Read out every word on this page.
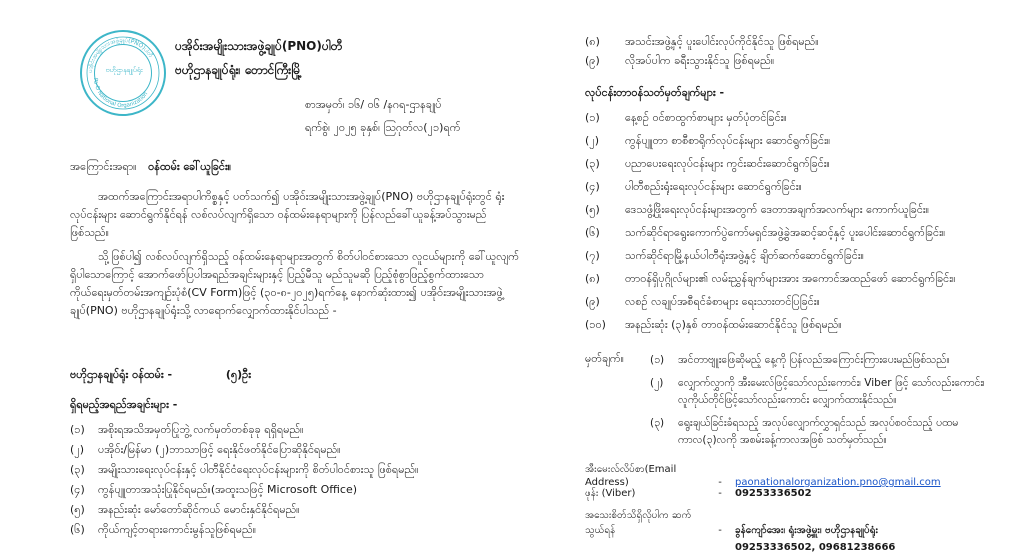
ပအိုဝ်းအမျိုးသားအဖွဲ့ချုပ်(PNO)ပါတီ
Pa-O National Organization
ဗဟိုဌာနချုပ်ရုံး
ပအိုဝ်းအမျိုးသားအဖွဲ့ချုပ်(PNO)ပါတီ
ဗဟိုဌာနချုပ်ရုံး၊ တောင်ကြီးမြို့
စာအမှတ်၊ ၁၆/ ၀၆ /နဂရ-ဌာနချုပ်
ရက်စွဲ၊ ၂၀၂၅ ခုနှစ်၊ ဩဂုတ်လ(၂၁)ရက်
အကြောင်းအရာ။ ဝန်ထမ်း ခေါ်ယူခြင်း။
အထက်အကြောင်းအရာပါကိစ္စနှင့် ပတ်သက်၍ ပအိုဝ်းအမျိုးသားအဖွဲ့ချုပ်(PNO) ဗဟိုဌာနချုပ်ရုံးတွင် ရုံးလုပ်ငန်းများ ဆောင်ရွက်နိုင်ရန် လစ်လပ်လျက်ရှိသော ဝန်ထမ်းနေရာများကို ပြန်လည်ခေါ်ယူခန့်အပ်သွားမည် ဖြစ်သည်။
သို့ဖြစ်ပါ၍ လစ်လပ်လျက်ရှိသည့် ဝန်ထမ်းနေရာများအတွက် စိတ်ပါဝင်စားသော လူငယ်များကို ခေါ်ယူလျက်ရှိပါသောကြောင့် အောက်ဖော်ပြပါအရည်အချင်းများနှင့် ပြည့်မီသူ မည်သူမဆို ပြည့်စုံစွာဖြည့်စွက်ထားသော ကိုယ်ရေးမှတ်တမ်းအကျဉ်းပုံစံ(CV Form)ဖြင့် (၃၀-၈-၂၀၂၅)ရက်နေ့ နောက်ဆုံးထား၍ ပအိုဝ်းအမျိုးသားအဖွဲ့ချုပ်(PNO) ဗဟိုဌာနချုပ်ရုံးသို့ လာရောက်လျှောက်ထားနိုင်ပါသည် -
ဗဟိုဌာနချုပ်ရုံး ဝန်ထမ်း -	(၅)ဦး
ရှိရမည့်အရည်အချင်းများ -
(၁) အစိုးရအသိအမှတ်ပြုဘွဲ့ လက်မှတ်တစ်ခုခု ရရှိရမည်။
(၂) ပအိုဝ်း/မြန်မာ (၂)ဘာသာဖြင့် ရေးနိုင်ဖတ်နိုင်ပြောဆိုနိုင်ရမည်။
(၃) အမျိုးသားရေးလုပ်ငန်းနှင့် ပါတီနိုင်ငံရေးလုပ်ငန်းများကို စိတ်ပါဝင်စားသူ ဖြစ်ရမည်။
(၄) ကွန်ပျူတာအသုံးပြုနိုင်ရမည်။(အထူးသဖြင့် Microsoft Office)
(၅) အနည်းဆုံး မော်တော်ဆိုင်ကယ် မောင်းနှင်နိုင်ရမည်။
(၆) ကိုယ်ကျင့်တရားကောင်းမွန်သူဖြစ်ရမည်။
(၈) အသင်းအဖွဲ့နှင့် ပူးပေါင်းလုပ်ကိုင်နိုင်သူ ဖြစ်ရမည်။
(၉) လိုအပ်ပါက ခရီးသွားနိုင်သူ ဖြစ်ရမည်။
လုပ်ငန်းတာဝန်သတ်မှတ်ချက်များ -
(၁) နေ့စဉ် ဝင်စာထွက်စာများ မှတ်ပုံတင်ခြင်း။
(၂) ကွန်ပျူတာ စာစီစာရိုက်လုပ်ငန်းများ ဆောင်ရွက်ခြင်း။
(၃) ပညာပေးရေးလုပ်ငန်းများ ကွင်းဆင်းဆောင်ရွက်ခြင်း။
(၄) ပါတီစည်းရုံးရေးလုပ်ငန်းများ ဆောင်ရွက်ခြင်း။
(၅) ဒေသဖွံ့ဖြိုးရေးလုပ်ငန်းများအတွက် ဒေတာအချက်အလက်များ ကောက်ယူခြင်း။
(၆) သက်ဆိုင်ရာရွေးကောက်ပွဲကော်မရှင်အဖွဲ့ခွဲအဆင့်ဆင့်နှင့် ပူးပေါင်းဆောင်ရွက်ခြင်း။
(၇) သက်ဆိုင်ရာမြို့နယ်ပါတီရုံးအဖွဲ့နှင့် ချိတ်ဆက်ဆောင်ရွက်ခြင်း။
(၈) တာဝန်ရှိပုဂ္ဂိုလ်များ၏ လမ်းညွှန်ချက်များအား အကောင်အထည်ဖော် ဆောင်ရွက်ခြင်း။
(၉) လစဉ် လချုပ်အစီရင်ခံစာများ ရေးသားတင်ပြခြင်း။
(၁၀) အနည်းဆုံး (၃)နှစ် တာဝန်ထမ်းဆောင်နိုင်သူ ဖြစ်ရမည်။
မှတ်ချက်။ (၁) အင်တာဗျူးဖြေဆိုမည့် နေ့ကို ပြန်လည်အကြောင်းကြားပေးမည်ဖြစ်သည်။
(၂) လျှောက်လွှာကို အီးမေးလ်ဖြင့်သော်လည်းကောင်း၊ Viber ဖြင့် သော်လည်းကောင်း၊ လူကိုယ်တိုင်ဖြင့်သော်လည်းကောင်း လျှောက်ထားနိုင်သည်။
(၃) ရွေးချယ်ခြင်းခံရသည့် အလုပ်လျှောက်လွှာရှင်သည် အလုပ်စဝင်သည့် ပထမကာလ(၃)လကို အစမ်းခန့်ကာလအဖြစ် သတ်မှတ်သည်။
အီးမေးလ်လိပ်စာ(Email Address)	- paonationalorganization.pno@gmail.com
ဖုန်း (Viber)	- 09253336502
အသေးစိတ်သိရှိလိုပါက ဆက်သွယ်ရန်	- ခွန်ကျော်အေး၊ ရုံးအဖွဲ့မှူး၊ ဗဟိုဌာနချုပ်ရုံး
09253336502, 09681238666
